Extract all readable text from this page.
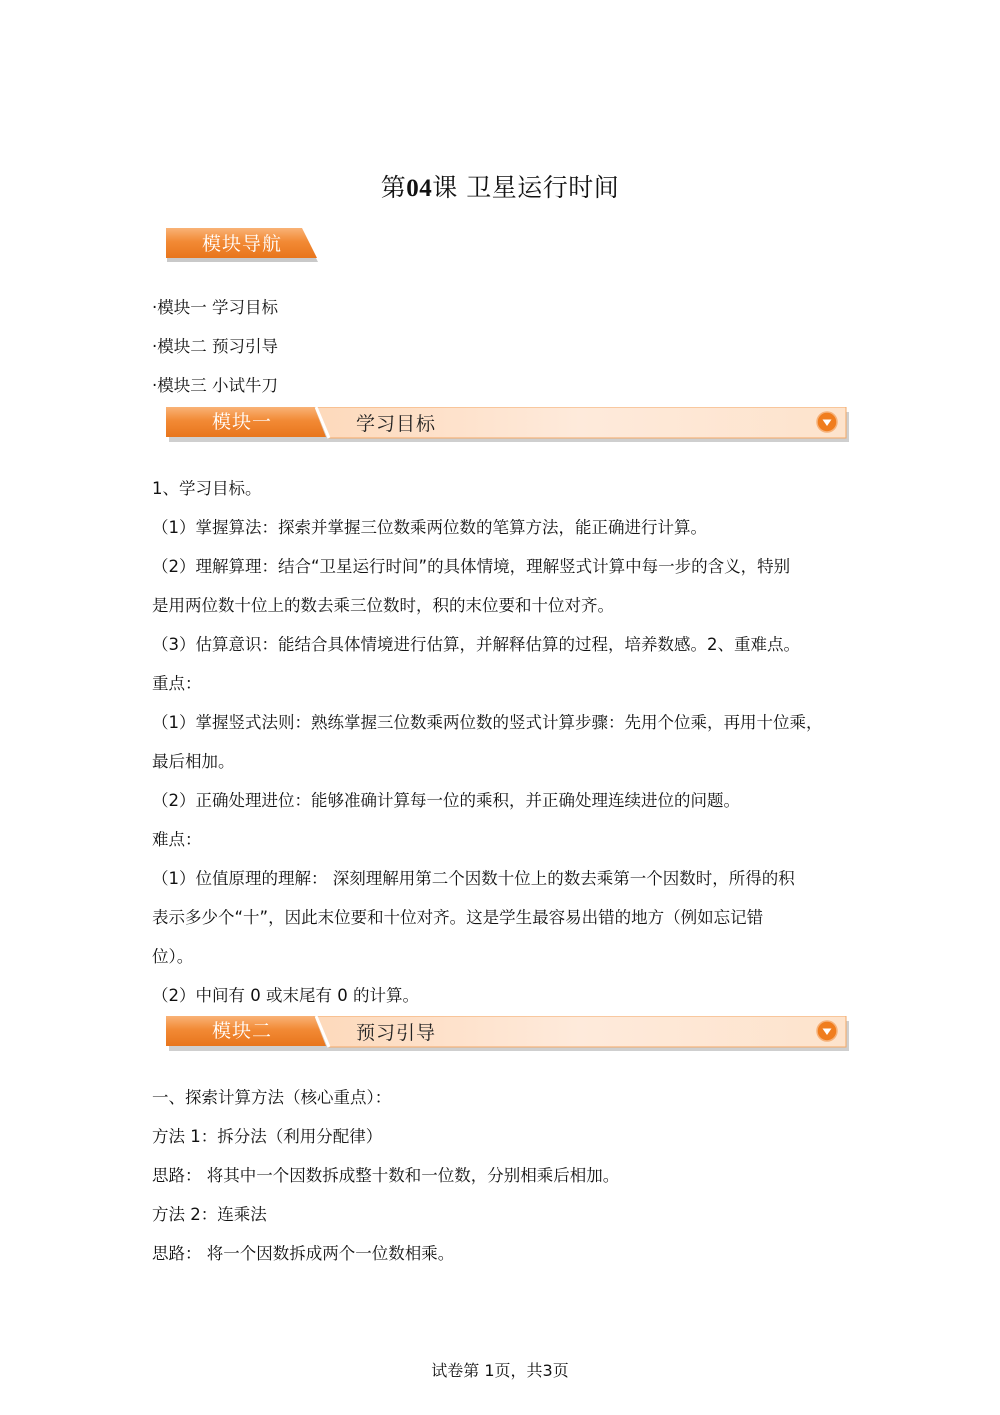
第04课 卫星运行时间
模块导航
·模块一 学习目标
·模块二 预习引导
·模块三 小试牛刀
模块一	学习目标
1、学习目标。
（1）掌握算法：探索并掌握三位数乘两位数的笔算方法，能正确进行计算。
（2）理解算理：结合“卫星运行时间”的具体情境，理解竖式计算中每一步的含义，特别
是用两位数十位上的数去乘三位数时，积的末位要和十位对齐。
（3）估算意识：能结合具体情境进行估算，并解释估算的过程，培养数感。2、重难点。
重点：
（1）掌握竖式法则：熟练掌握三位数乘两位数的竖式计算步骤：先用个位乘，再用十位乘，
最后相加。
（2）正确处理进位：能够准确计算每一位的乘积，并正确处理连续进位的问题。
难点：
（1）位值原理的理解： 深刻理解用第二个因数十位上的数去乘第一个因数时，所得的积
表示多少个“十”，因此末位要和十位对齐。这是学生最容易出错的地方（例如忘记错
位）。
（2）中间有 0 或末尾有 0 的计算。
模块二	预习引导
一、探索计算方法（核心重点）：
方法 1：拆分法（利用分配律）
思路： 将其中一个因数拆成整十数和一位数，分别相乘后相加。
方法 2：连乘法
思路： 将一个因数拆成两个一位数相乘。
试卷第 1页，共3页
